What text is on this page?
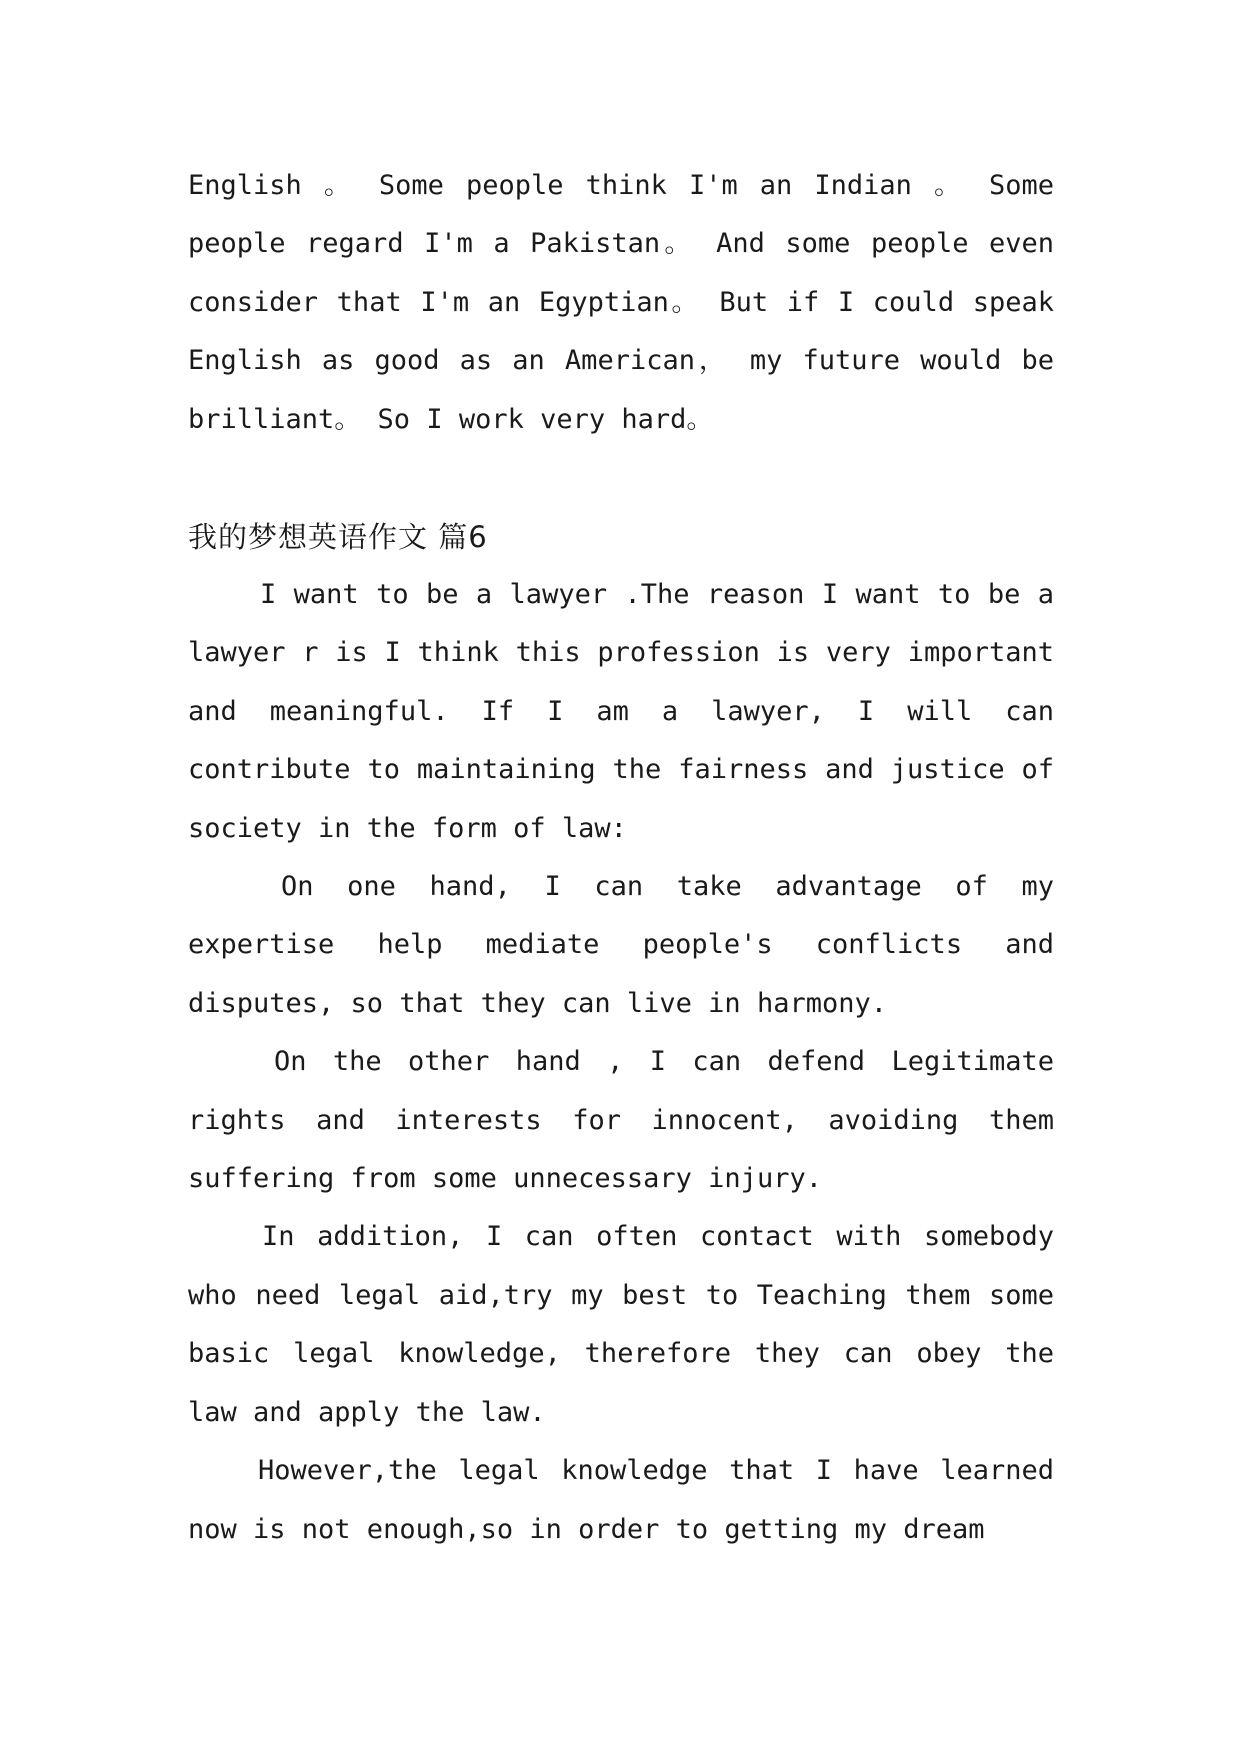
English 。 Some people think I'm an Indian 。 Some people regard I'm a Pakistan。 And some people even consider that I'm an Egyptian。 But if I could speak English as good as an American， my future would be brilliant。 So I work very hard。

我的梦想英语作文 篇6

I want to be a lawyer .The reason I want to be a lawyer r is I think this profession is very important and meaningful. If I am a lawyer, I will can contribute to maintaining the fairness and justice of society in the form of law:

On one hand, I can take advantage of my expertise help mediate people's conflicts and disputes, so that they can live in harmony.

On the other hand , I can defend Legitimate rights and interests for innocent, avoiding them suffering from some unnecessary injury.

In addition, I can often contact with somebody who need legal aid,try my best to Teaching them some basic legal knowledge, therefore they can obey the law and apply the law.

However,the legal knowledge that I have learned now is not enough,so in order to getting my dream
